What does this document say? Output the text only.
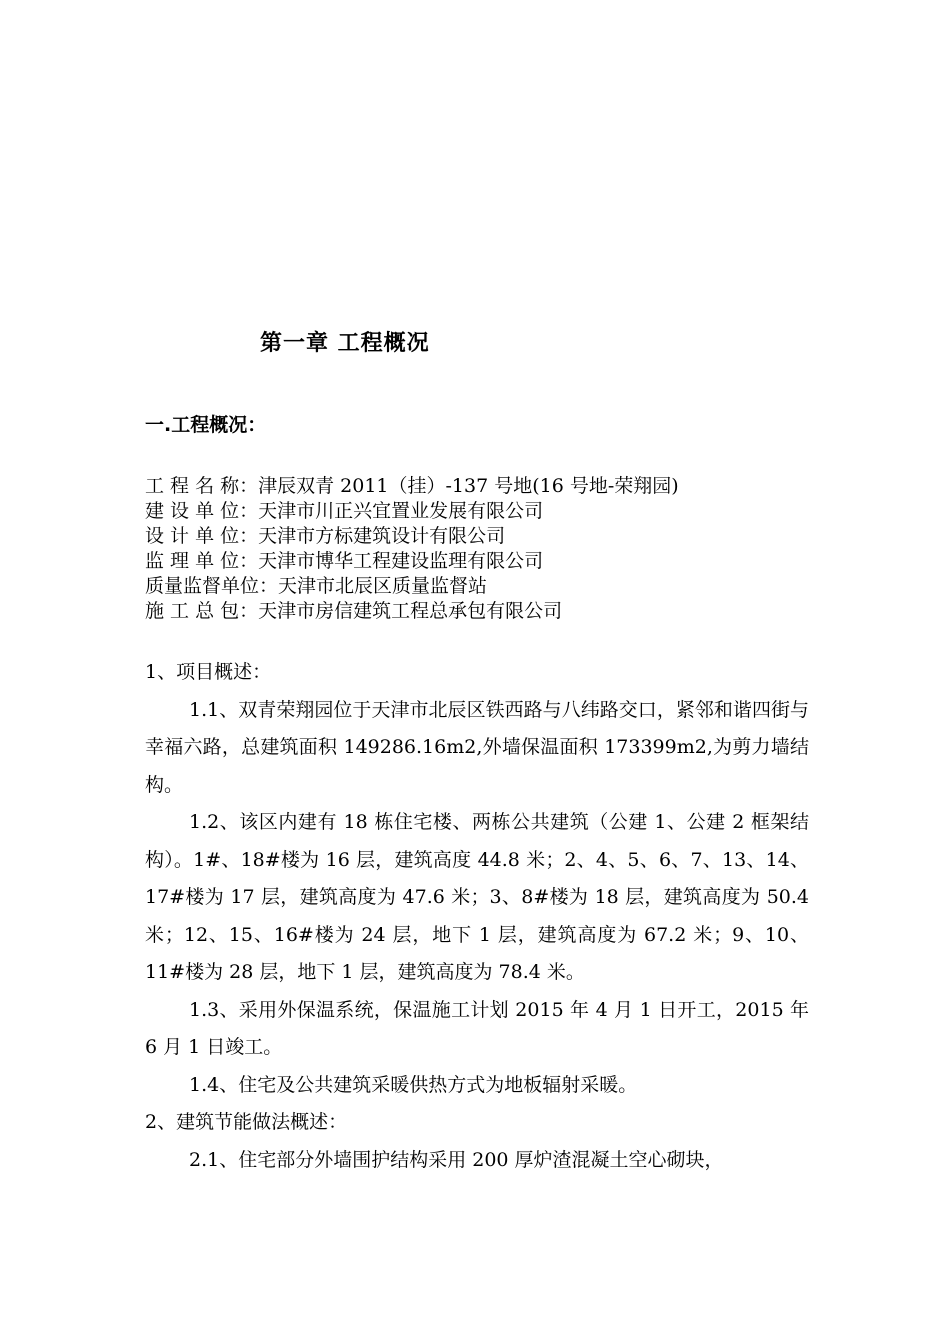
第一章 工程概况
一.工程概况：
工 程 名 称：津辰双青 2011（挂）-137 号地(16 号地-荣翔园)
建 设 单 位：天津市川正兴宜置业发展有限公司
设 计 单 位：天津市方标建筑设计有限公司
监 理 单 位：天津市博华工程建设监理有限公司
质量监督单位：天津市北辰区质量监督站
施 工 总 包：天津市房信建筑工程总承包有限公司

1、项目概述：

1.1、双青荣翔园位于天津市北辰区铁西路与八纬路交口，紧邻和谐四街与幸福六路，总建筑面积 149286.16m2,外墙保温面积 173399m2,为剪力墙结构。

1.2、该区内建有 18 栋住宅楼、两栋公共建筑（公建 1、公建 2 框架结构）。1#、18#楼为 16 层，建筑高度 44.8 米；2、4、5、6、7、13、14、17#楼为 17 层，建筑高度为 47.6 米；3、8#楼为 18 层，建筑高度为 50.4 米；12、15、16#楼为 24 层，地下 1 层，建筑高度为 67.2 米；9、10、11#楼为 28 层，地下 1 层，建筑高度为 78.4 米。

1.3、采用外保温系统，保温施工计划 2015 年 4 月 1 日开工，2015 年 6 月 1 日竣工。

1.4、住宅及公共建筑采暖供热方式为地板辐射采暖。

2、建筑节能做法概述：

2.1、住宅部分外墙围护结构采用 200 厚炉渣混凝土空心砌块，
